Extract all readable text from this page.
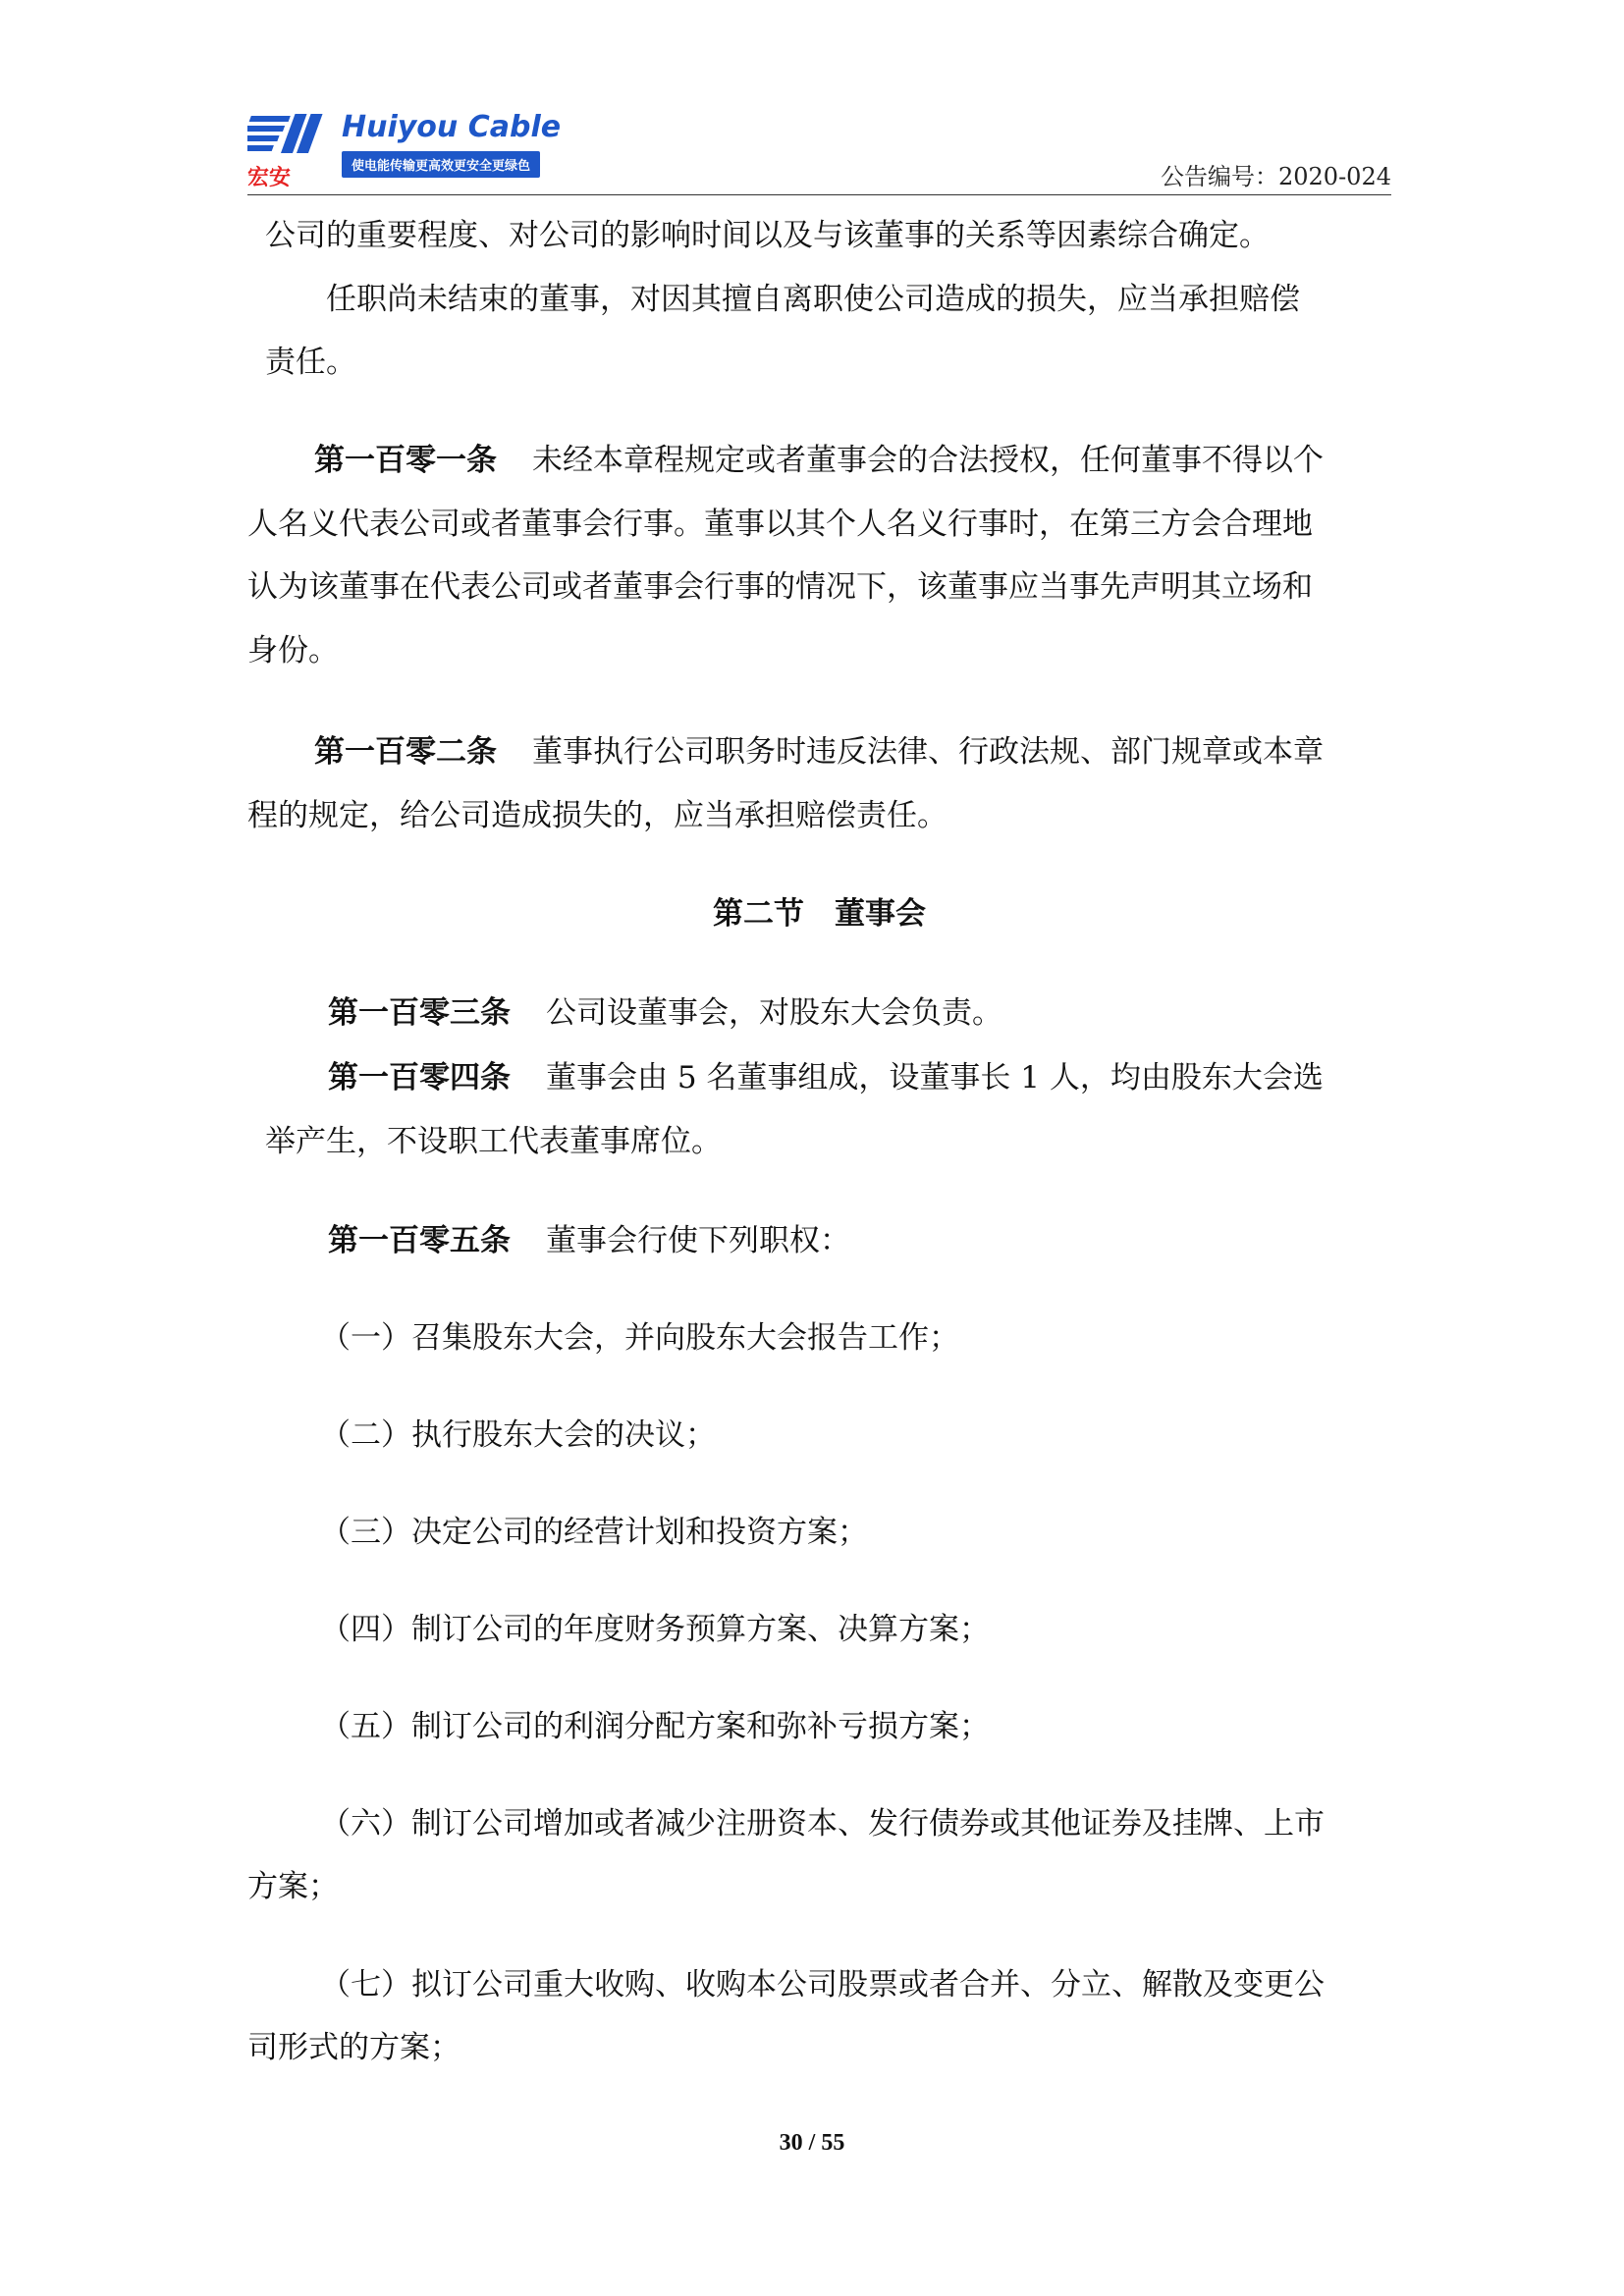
宏安
Huiyou Cable
使电能传输更高效更安全更绿色	公告编号：2020-024
公司的重要程度、对公司的影响时间以及与该董事的关系等因素综合确定。
任职尚未结束的董事，对因其擅自离职使公司造成的损失，应当承担赔偿
责任。
第一百零一条 未经本章程规定或者董事会的合法授权，任何董事不得以个
人名义代表公司或者董事会行事。董事以其个人名义行事时，在第三方会合理地
认为该董事在代表公司或者董事会行事的情况下，该董事应当事先声明其立场和
身份。
第一百零二条 董事执行公司职务时违反法律、行政法规、部门规章或本章
程的规定，给公司造成损失的，应当承担赔偿责任。
第二节　董事会
第一百零三条 公司设董事会，对股东大会负责。
第一百零四条 董事会由 5 名董事组成，设董事长 1 人，均由股东大会选
举产生，不设职工代表董事席位。
第一百零五条 董事会行使下列职权：
（一）召集股东大会，并向股东大会报告工作；
（二）执行股东大会的决议；
（三）决定公司的经营计划和投资方案；
（四）制订公司的年度财务预算方案、决算方案；
（五）制订公司的利润分配方案和弥补亏损方案；
（六）制订公司增加或者减少注册资本、发行债券或其他证券及挂牌、上市
方案；
（七）拟订公司重大收购、收购本公司股票或者合并、分立、解散及变更公
司形式的方案；
30 / 55
